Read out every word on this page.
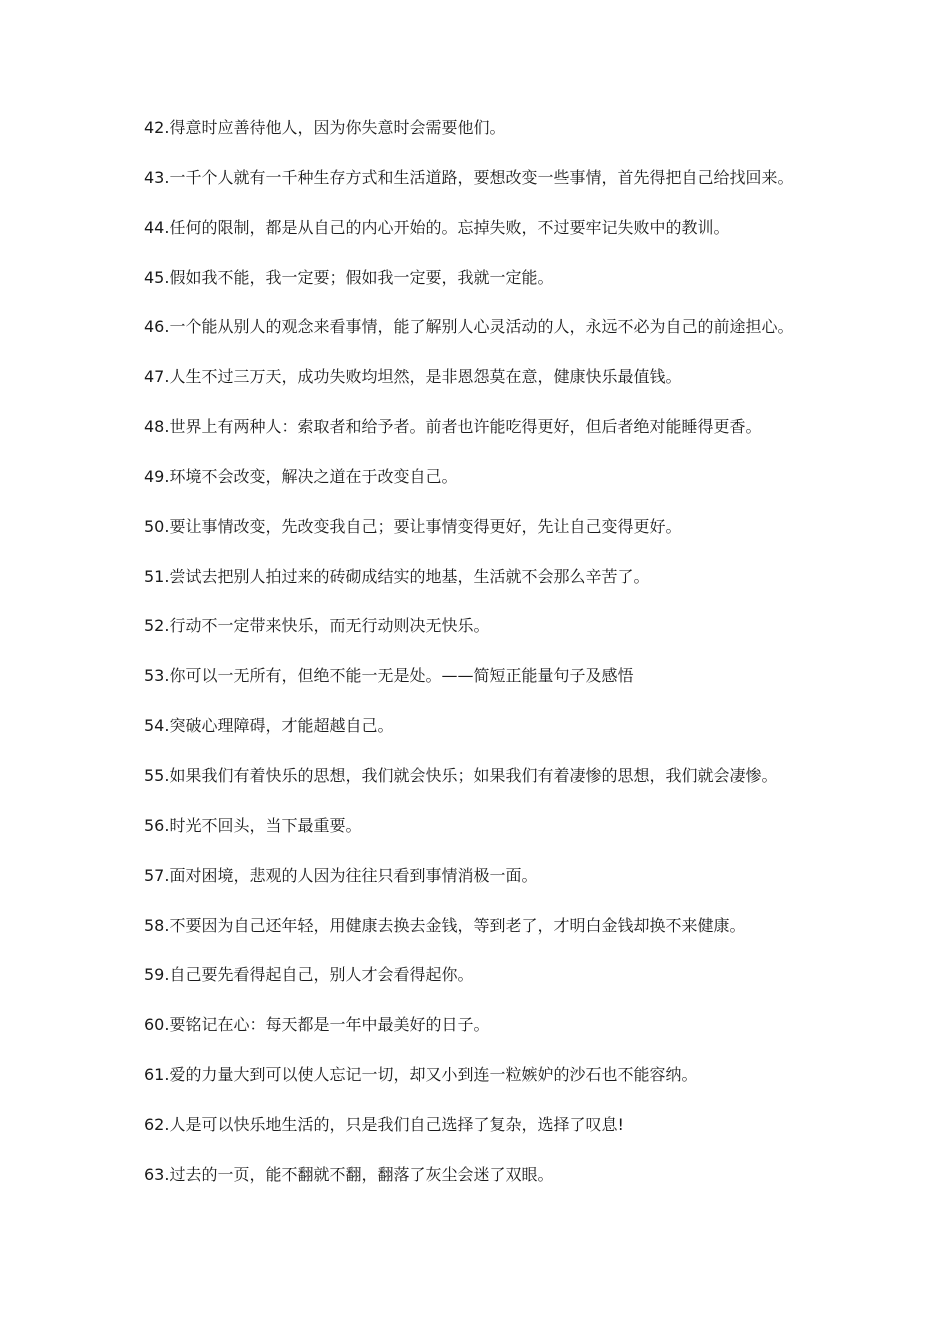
42.得意时应善待他人，因为你失意时会需要他们。
43.一千个人就有一千种生存方式和生活道路，要想改变一些事情，首先得把自己给找回来。
44.任何的限制，都是从自己的内心开始的。忘掉失败，不过要牢记失败中的教训。
45.假如我不能，我一定要；假如我一定要，我就一定能。
46.一个能从别人的观念来看事情，能了解别人心灵活动的人，永远不必为自己的前途担心。
47.人生不过三万天，成功失败均坦然，是非恩怨莫在意，健康快乐最值钱。
48.世界上有两种人：索取者和给予者。前者也许能吃得更好，但后者绝对能睡得更香。
49.环境不会改变，解决之道在于改变自己。
50.要让事情改变，先改变我自己；要让事情变得更好，先让自己变得更好。
51.尝试去把别人拍过来的砖砌成结实的地基，生活就不会那么辛苦了。
52.行动不一定带来快乐，而无行动则决无快乐。
53.你可以一无所有，但绝不能一无是处。——简短正能量句子及感悟
54.突破心理障碍，才能超越自己。
55.如果我们有着快乐的思想，我们就会快乐；如果我们有着凄惨的思想，我们就会凄惨。
56.时光不回头，当下最重要。
57.面对困境，悲观的人因为往往只看到事情消极一面。
58.不要因为自己还年轻，用健康去换去金钱，等到老了，才明白金钱却换不来健康。
59.自己要先看得起自己，别人才会看得起你。
60.要铭记在心：每天都是一年中最美好的日子。
61.爱的力量大到可以使人忘记一切，却又小到连一粒嫉妒的沙石也不能容纳。
62.人是可以快乐地生活的，只是我们自己选择了复杂，选择了叹息!
63.过去的一页，能不翻就不翻，翻落了灰尘会迷了双眼。
